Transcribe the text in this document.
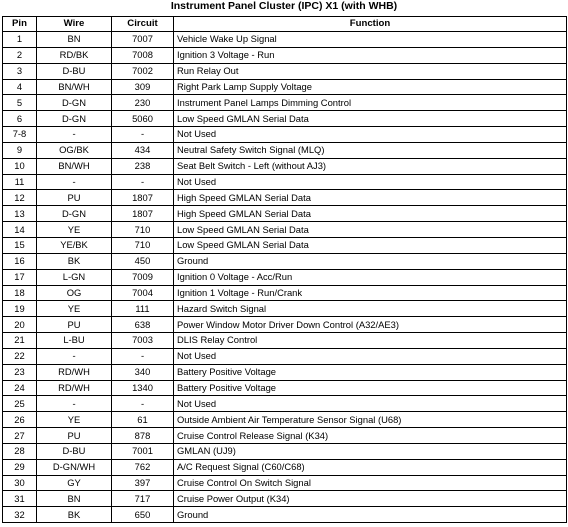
Instrument Panel Cluster (IPC) X1 (with WHB)
Pin	Wire	Circuit	Function
1	BN	7007	Vehicle Wake Up Signal
2	RD/BK	7008	Ignition 3 Voltage - Run
3	D-BU	7002	Run Relay Out
4	BN/WH	309	Right Park Lamp Supply Voltage
5	D-GN	230	Instrument Panel Lamps Dimming Control
6	D-GN	5060	Low Speed GMLAN Serial Data
7-8	-	-	Not Used
9	OG/BK	434	Neutral Safety Switch Signal (MLQ)
10	BN/WH	238	Seat Belt Switch - Left (without AJ3)
11	-	-	Not Used
12	PU	1807	High Speed GMLAN Serial Data
13	D-GN	1807	High Speed GMLAN Serial Data
14	YE	710	Low Speed GMLAN Serial Data
15	YE/BK	710	Low Speed GMLAN Serial Data
16	BK	450	Ground
17	L-GN	7009	Ignition 0 Voltage - Acc/Run
18	OG	7004	Ignition 1 Voltage - Run/Crank
19	YE	111	Hazard Switch Signal
20	PU	638	Power Window Motor Driver Down Control (A32/AE3)
21	L-BU	7003	DLIS Relay Control
22	-	-	Not Used
23	RD/WH	340	Battery Positive Voltage
24	RD/WH	1340	Battery Positive Voltage
25	-	-	Not Used
26	YE	61	Outside Ambient Air Temperature Sensor Signal (U68)
27	PU	878	Cruise Control Release Signal (K34)
28	D-BU	7001	GMLAN (UJ9)
29	D-GN/WH	762	A/C Request Signal (C60/C68)
30	GY	397	Cruise Control On Switch Signal
31	BN	717	Cruise Power Output (K34)
32	BK	650	Ground
